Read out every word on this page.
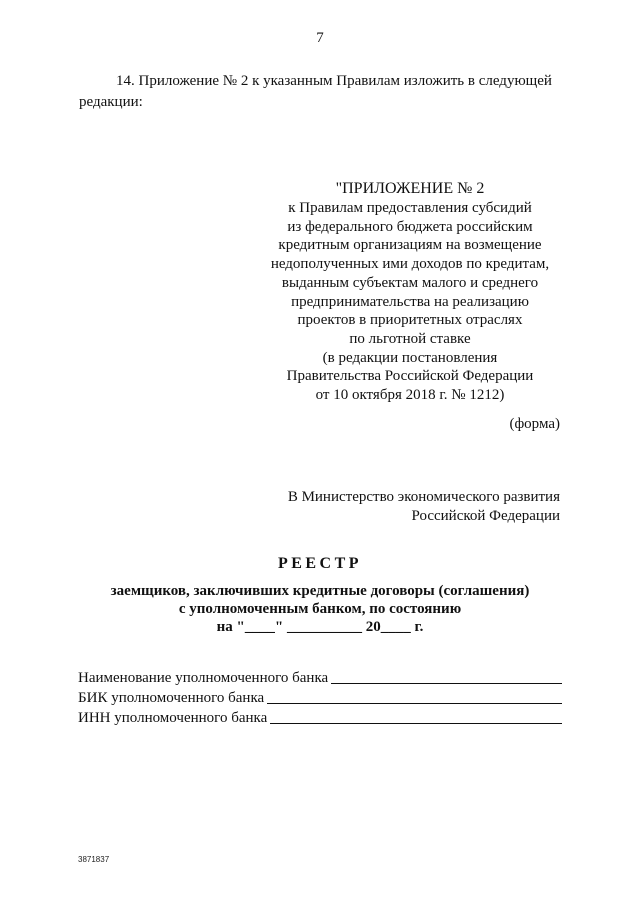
7
14. Приложение № 2 к указанным Правилам изложить в следующей
редакции:
"ПРИЛОЖЕНИЕ № 2
к Правилам предоставления субсидий
из федерального бюджета российским
кредитным организациям на возмещение
недополученных ими доходов по кредитам,
выданным субъектам малого и среднего
предпринимательства на реализацию
проектов в приоритетных отраслях
по льготной ставке
(в редакции постановления
Правительства Российской Федерации
от 10 октября 2018 г. № 1212)
(форма)
В Министерство экономического развития
Российской Федерации
РЕЕСТР
заемщиков, заключивших кредитные договоры (соглашения)
с уполномоченным банком, по состоянию
на "____" __________ 20____ г.
Наименование уполномоченного банка
БИК уполномоченного банка
ИНН уполномоченного банка
3871837
